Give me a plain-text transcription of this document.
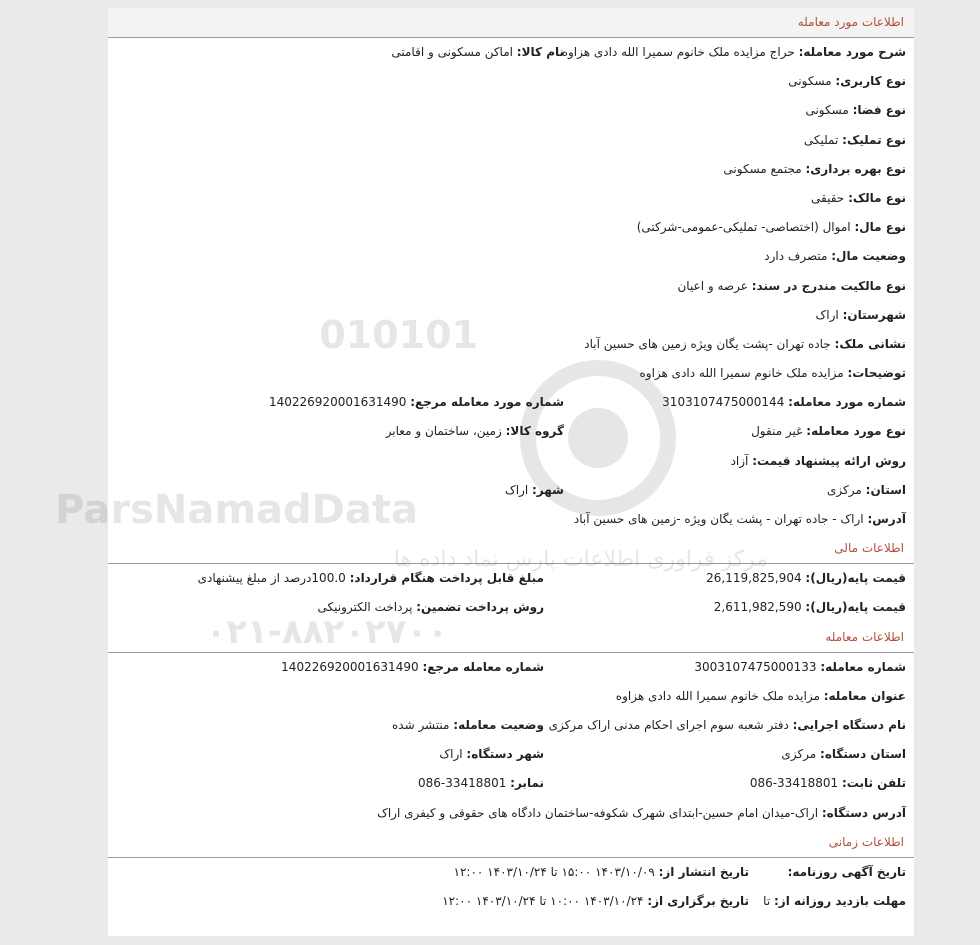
010101
ParsNamadData
اطلاعات مورد معامله
شرح مورد معامله: حراج مزایده ملک خانوم سمیرا الله دادی هزاوه
نام کالا: اماکن مسکونی و اقامتی
نوع کاربری: مسکونی
نوع فضا: مسکونی
نوع تملیک: تملیکی
نوع بهره برداری: مجتمع مسکونی
نوع مالک: حقیقی
نوع مال: اموال (اختصاصی- تملیکی-عمومی-شرکتی)
وضعیت مال: متصرف دارد
نوع مالکیت مندرج در سند: عرصه و اعیان
شهرستان: اراک
نشانی ملک: جاده تهران -پشت یگان ویژه زمین های حسین آباد
توضیحات: مزایده ملک خانوم سمیرا الله دادی هزاوه
شماره مورد معامله: 3103107475000144
شماره مورد معامله مرجع: 140226920001631490
نوع مورد معامله: غیر منقول
گروه کالا: زمین، ساختمان و معابر
روش ارائه پیشنهاد قیمت: آزاد
استان: مرکزی
شهر: اراک
آدرس: اراک - جاده تهران - پشت یگان ویژه -زمین های حسین آباد
اطلاعات مالی
قیمت پایه(ریال): 26,119,825,904
مبلغ قابل پرداخت هنگام قرارداد: 100.0درصد از مبلغ پیشنهادی
قیمت پایه(ریال): 2,611,982,590
روش پرداخت تضمین: پرداخت الکترونیکی
اطلاعات معامله
شماره معامله: 3003107475000133
شماره معامله مرجع: 140226920001631490
عنوان معامله: مزایده ملک خانوم سمیرا الله دادی هزاوه
نام دستگاه اجرایی: دفتر شعبه سوم اجرای احکام مدنی اراک مرکزی
وضعیت معامله: منتشر شده
استان دستگاه: مرکزی
شهر دستگاه: اراک
تلفن ثابت: 086-33418801
نمابر: 086-33418801
آدرس دستگاه: اراک-میدان امام حسین-ابتدای شهرک شکوفه-ساختمان دادگاه های حقوقی و کیفری اراک
اطلاعات زمانی
تاریخ آگهی روزنامه:
تاریخ انتشار از: ۱۴۰۳/۱۰/۰۹ ۱۵:۰۰ تا ۱۴۰۳/۱۰/۲۴ ۱۲:۰۰
مهلت بازدید روزانه از: تا
تاریخ برگزاری از: ۱۴۰۳/۱۰/۲۴ ۱۰:۰۰ تا ۱۴۰۳/۱۰/۲۴ ۱۲:۰۰
